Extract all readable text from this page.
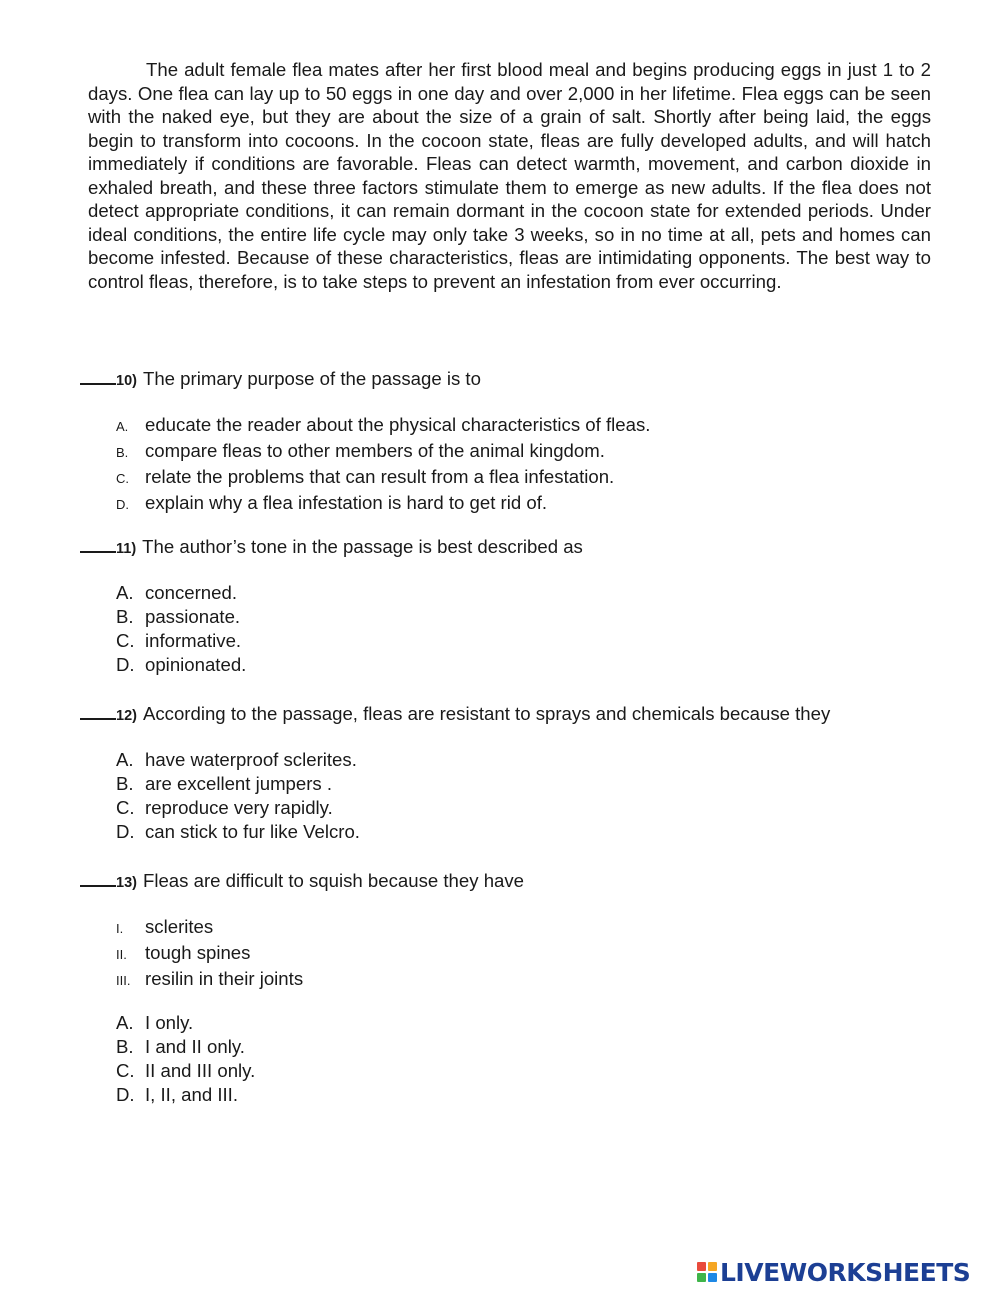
The adult female flea mates after her first blood meal and begins producing eggs in just 1 to 2 days. One flea can lay up to 50 eggs in one day and over 2,000 in her lifetime. Flea eggs can be seen with the naked eye, but they are about the size of a grain of salt. Shortly after being laid, the eggs begin to transform into cocoons. In the cocoon state, fleas are fully developed adults, and will hatch immediately if conditions are favorable. Fleas can detect warmth, movement, and carbon dioxide in exhaled breath, and these three factors stimulate them to emerge as new adults. If the flea does not detect appropriate conditions, it can remain dormant in the cocoon state for extended periods. Under ideal conditions, the entire life cycle may only take 3 weeks, so in no time at all, pets and homes can become infested. Because of these characteristics, fleas are intimidating opponents. The best way to control fleas, therefore, is to take steps to prevent an infestation from ever occurring.

10) The primary purpose of the passage is to
A. educate the reader about the physical characteristics of fleas.
B. compare fleas to other members of the animal kingdom.
C. relate the problems that can result from a flea infestation.
D. explain why a flea infestation is hard to get rid of.
11) The author’s tone in the passage is best described as
A. concerned.
B. passionate.
C. informative.
D. opinionated.
12) According to the passage, fleas are resistant to sprays and chemicals because they
A. have waterproof sclerites.
B. are excellent jumpers .
C. reproduce very rapidly.
D. can stick to fur like Velcro.
13) Fleas are difficult to squish because they have
I. sclerites
II. tough spines
III. resilin in their joints
A. I only.
B. I and II only.
C. II and III only.
D. I, II, and III.
LIVEWORKSHEETS
